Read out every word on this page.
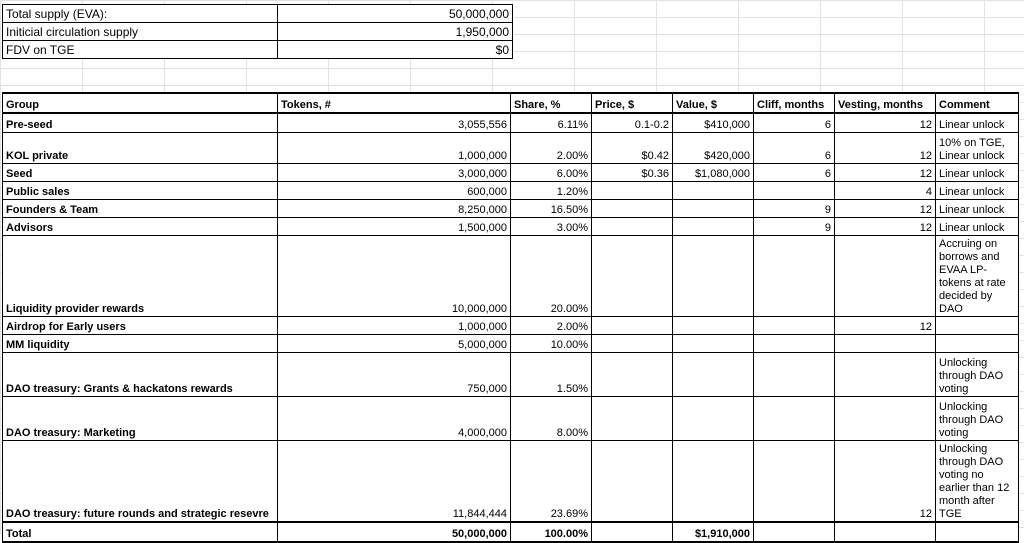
Total supply (EVA):	50,000,000
Initicial circulation supply	1,950,000
FDV on TGE	$0
Group	Tokens, #	Share, %	Price, $	Value, $	Cliff, months	Vesting, months	Comment
Pre-seed	3,055,556	6.11%	0.1-0.2	$410,000	6	12	Linear unlock
KOL private	1,000,000	2.00%	$0.42	$420,000	6	12	10% on TGE, Linear unlock
Seed	3,000,000	6.00%	$0.36	$1,080,000	6	12	Linear unlock
Public sales	600,000	1.20%				4	Linear unlock
Founders & Team	8,250,000	16.50%			9	12	Linear unlock
Advisors	1,500,000	3.00%			9	12	Linear unlock
Liquidity provider rewards	10,000,000	20.00%					Accruing on borrows and EVAA LP-tokens at rate decided by DAO
Airdrop for Early users	1,000,000	2.00%				12	
MM liquidity	5,000,000	10.00%					
DAO treasury: Grants & hackatons rewards	750,000	1.50%					Unlocking through DAO voting
DAO treasury: Marketing	4,000,000	8.00%					Unlocking through DAO voting
DAO treasury: future rounds and strategic resevre	11,844,444	23.69%				12	Unlocking through DAO voting no earlier than 12 month after TGE
Total	50,000,000	100.00%		$1,910,000			
